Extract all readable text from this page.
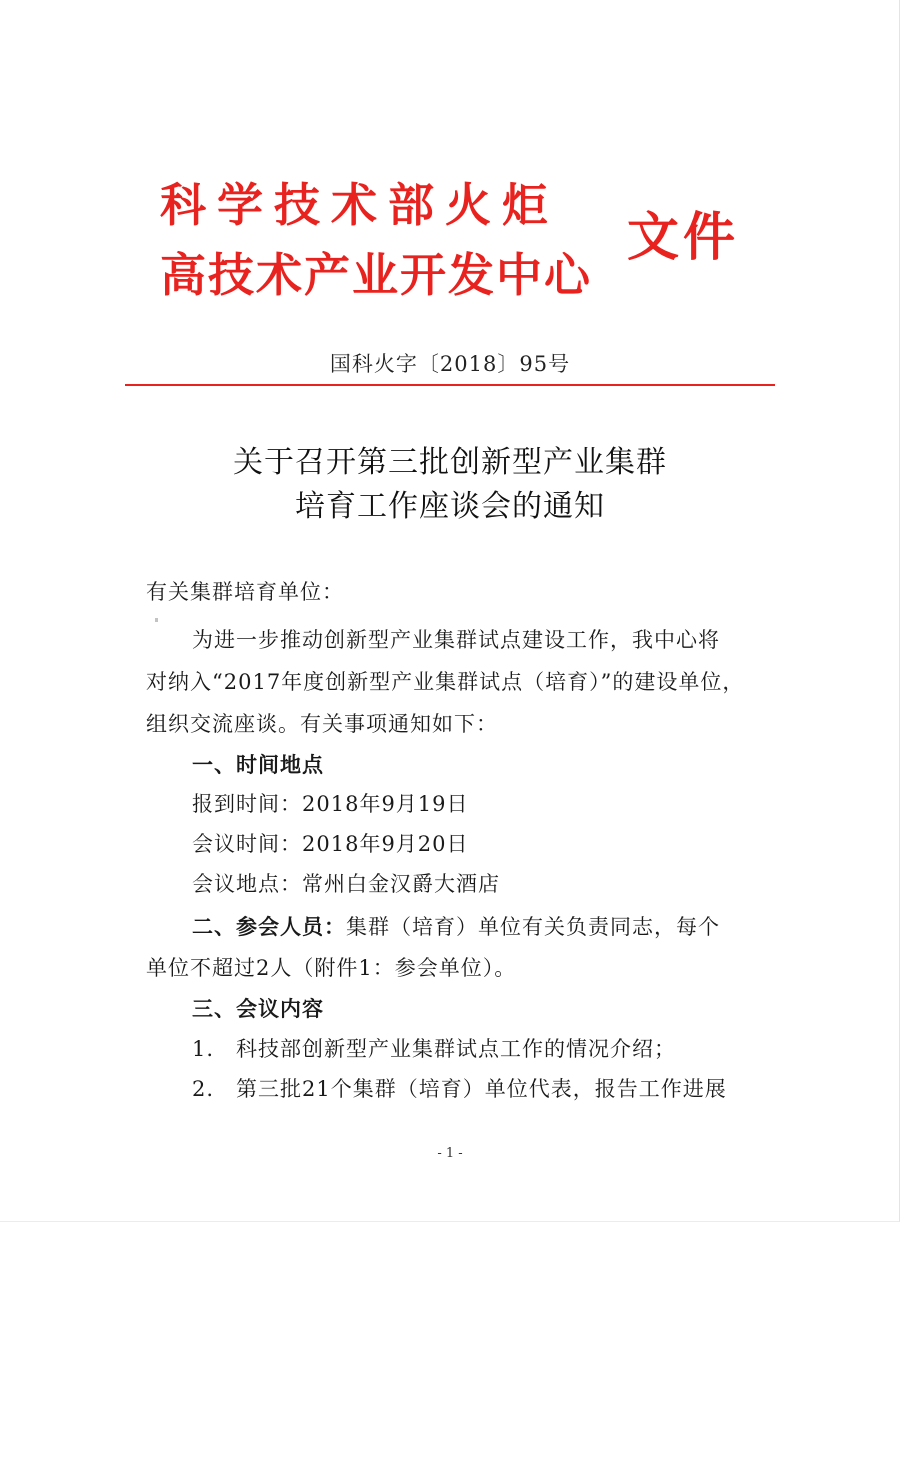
科学技术部火炬
高技术产业开发中心
文件
国科火字〔2018〕95号
关于召开第三批创新型产业集群
培育工作座谈会的通知
有关集群培育单位：
为进一步推动创新型产业集群试点建设工作，我中心将
对纳入“2017年度创新型产业集群试点（培育）”的建设单位，
组织交流座谈。有关事项通知如下：
一、时间地点
报到时间：2018年9月19日
会议时间：2018年9月20日
会议地点：常州白金汉爵大酒店
二、参会人员：集群（培育）单位有关负责同志，每个
单位不超过2人（附件1：参会单位）。
三、会议内容
1.　科技部创新型产业集群试点工作的情况介绍；
2.　第三批21个集群（培育）单位代表，报告工作进展
- 1 -
